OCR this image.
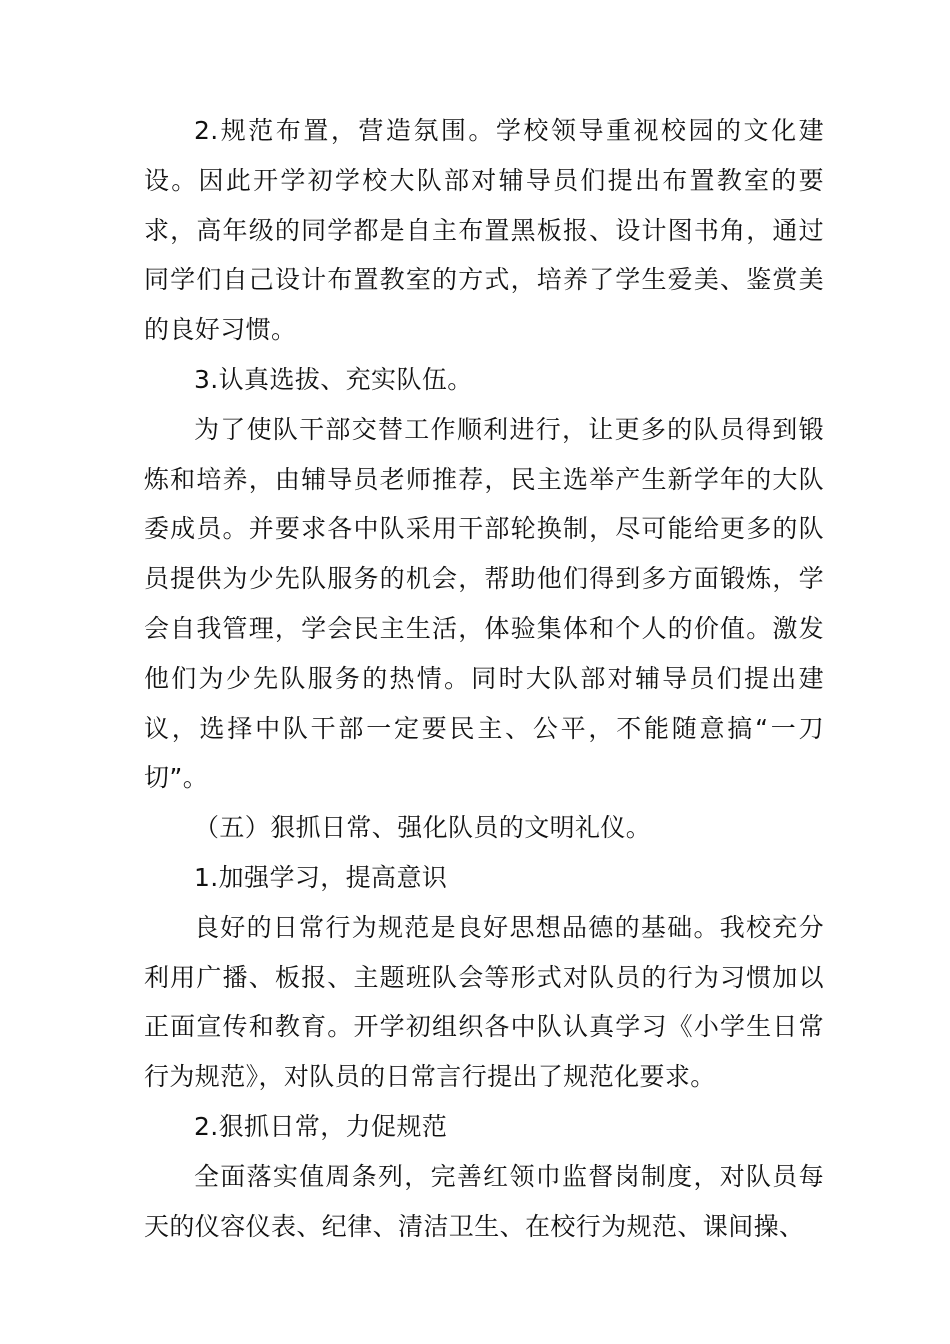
2.规范布置，营造氛围。学校领导重视校园的文化建设。因此开学初学校大队部对辅导员们提出布置教室的要求，高年级的同学都是自主布置黑板报、设计图书角，通过同学们自己设计布置教室的方式，培养了学生爱美、鉴赏美的良好习惯。

3.认真选拔、充实队伍。

为了使队干部交替工作顺利进行，让更多的队员得到锻炼和培养，由辅导员老师推荐，民主选举产生新学年的大队委成员。并要求各中队采用干部轮换制，尽可能给更多的队员提供为少先队服务的机会，帮助他们得到多方面锻炼，学会自我管理，学会民主生活，体验集体和个人的价值。激发他们为少先队服务的热情。同时大队部对辅导员们提出建议，选择中队干部一定要民主、公平，不能随意搞“一刀切”。

（五）狠抓日常、强化队员的文明礼仪。

1.加强学习，提高意识

良好的日常行为规范是良好思想品德的基础。我校充分利用广播、板报、主题班队会等形式对队员的行为习惯加以正面宣传和教育。开学初组织各中队认真学习《小学生日常行为规范》，对队员的日常言行提出了规范化要求。

2.狠抓日常，力促规范

全面落实值周条列，完善红领巾监督岗制度，对队员每天的仪容仪表、纪律、清洁卫生、在校行为规范、课间操、
